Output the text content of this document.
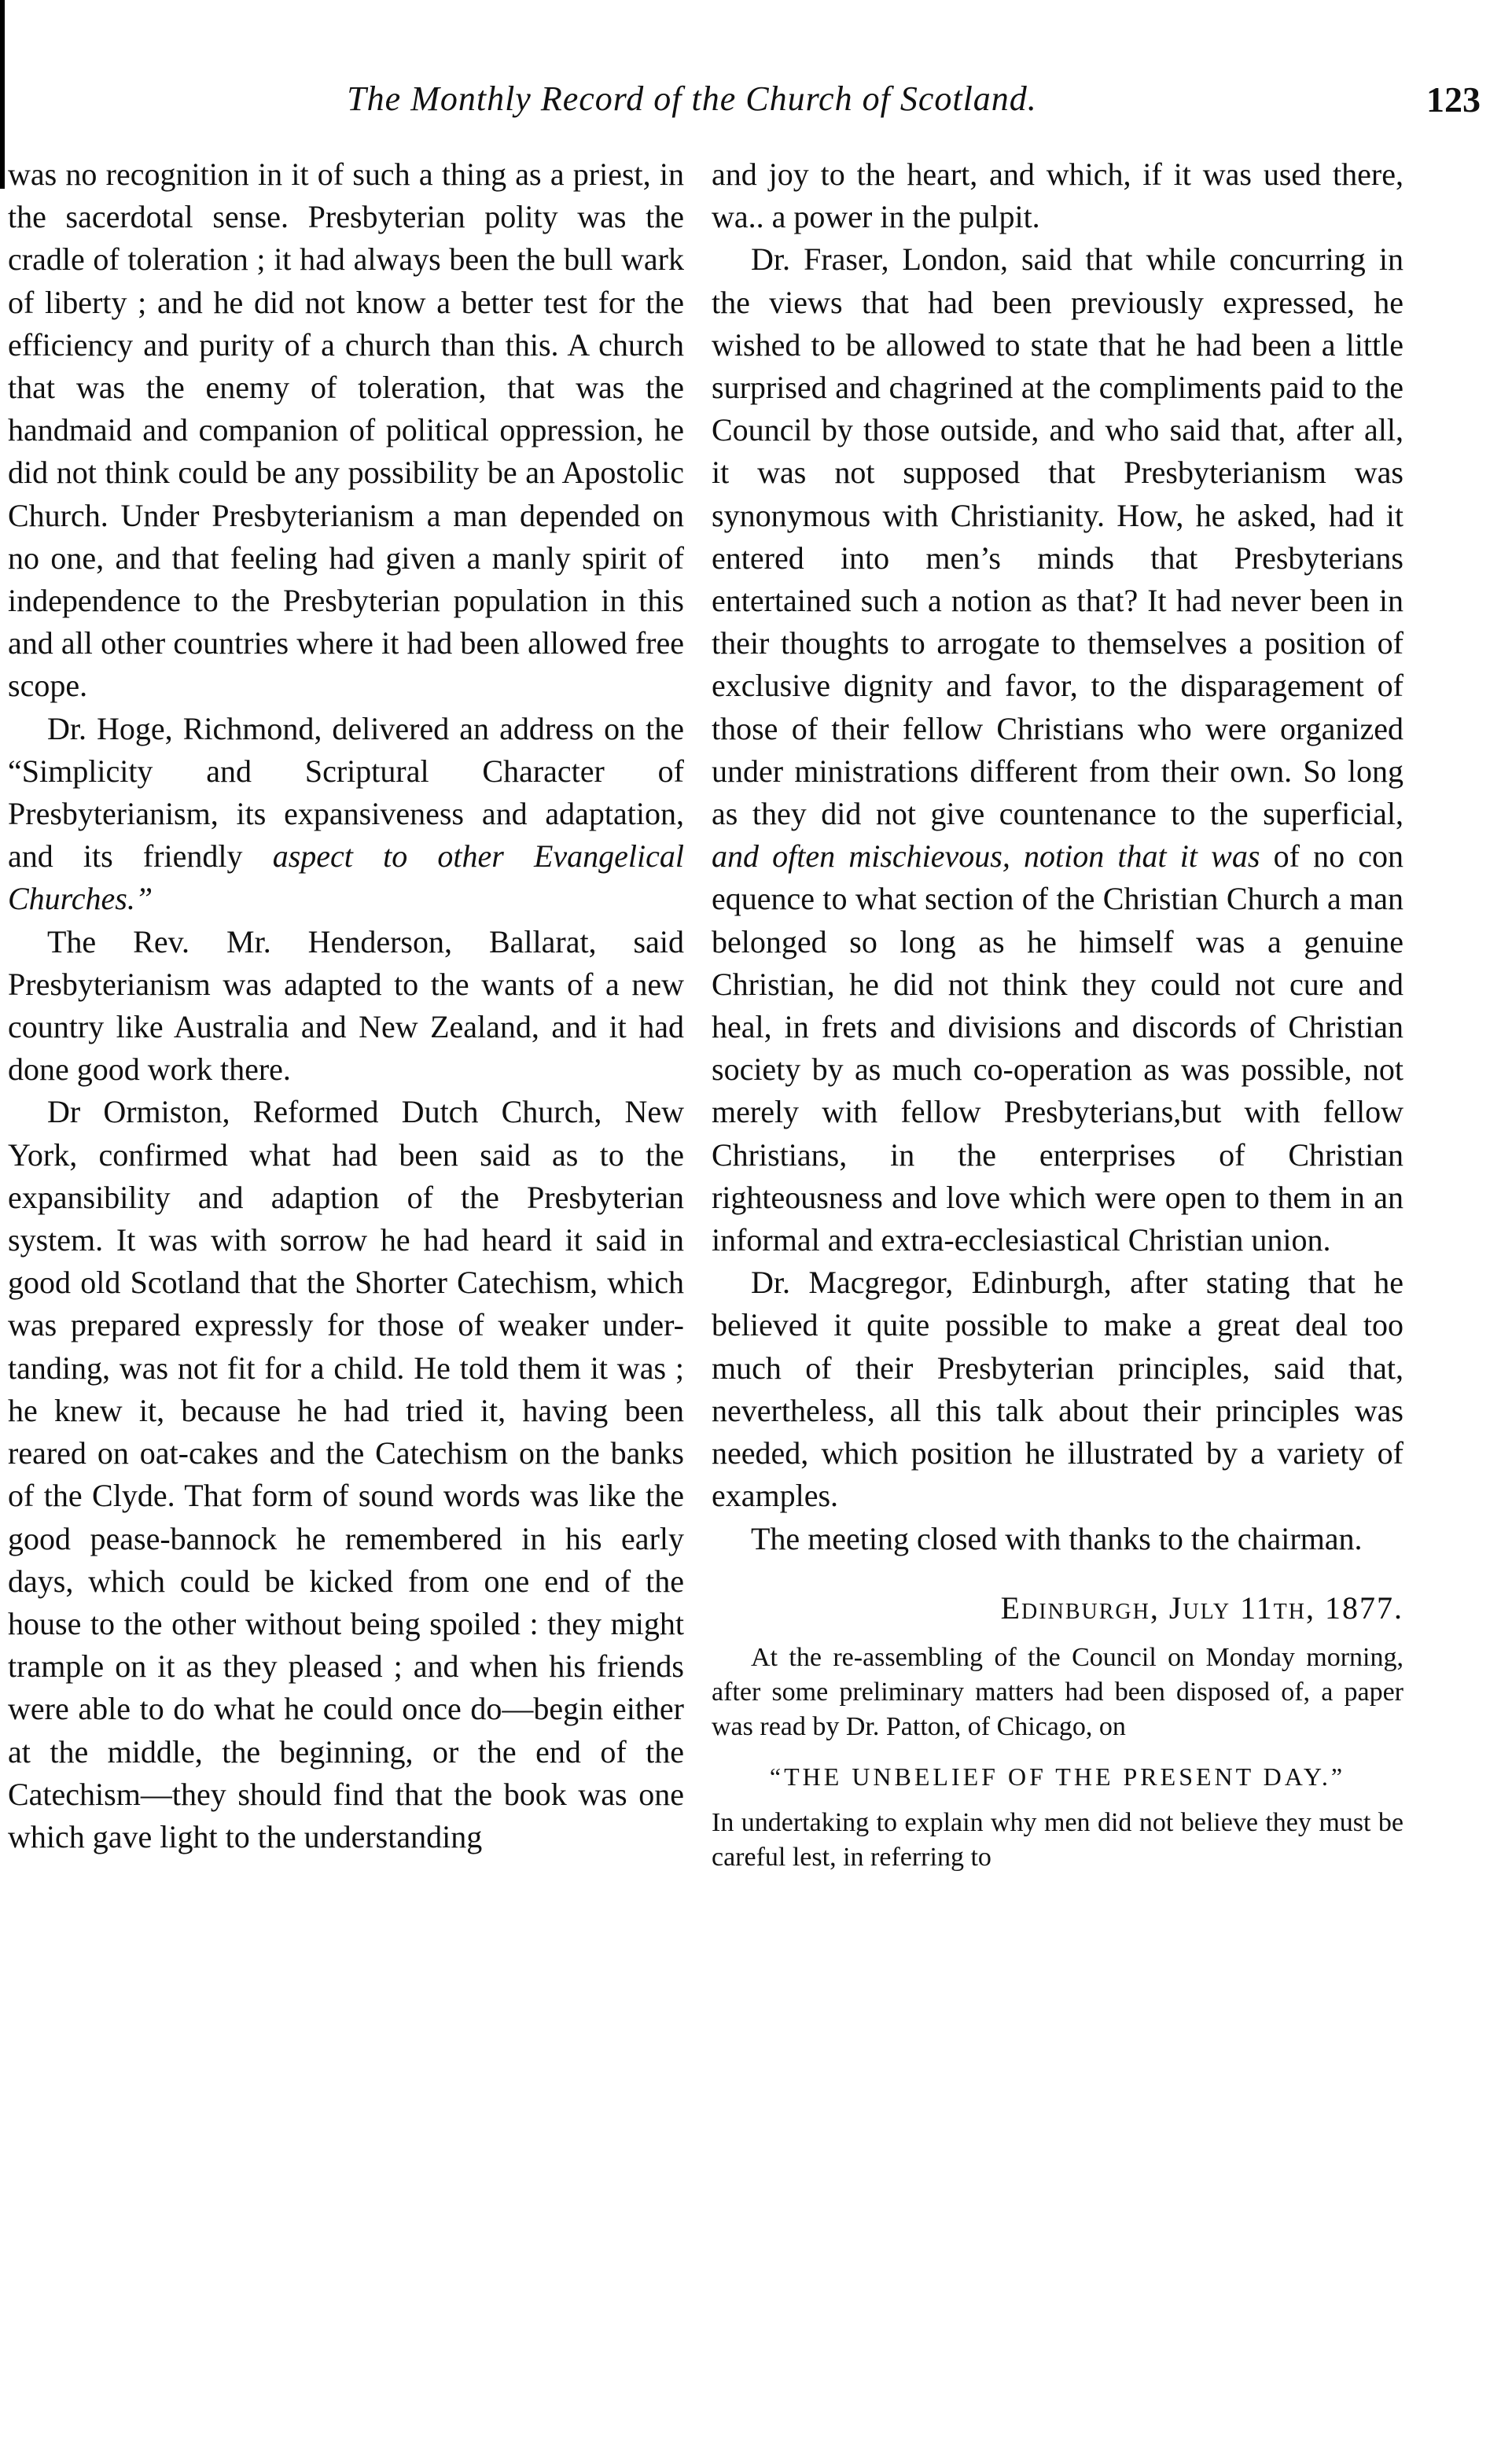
The Monthly Record of the Church of Scotland.	123

was no recognition in it of such a thing as a priest, in the sacerdotal sense. Presbyterian polity was the cradle of toleration ; it had always been the bull wark of liberty ; and he did not know a better test for the efficiency and purity of a church than this. A church that was the enemy of toleration, that was the handmaid and companion of political oppression, he did not think could be any possibility be an Apostolic Church. Under Presbyterianism a man depended on no one, and that feeling had given a manly spirit of independence to the Presbyterian population in this and all other countries where it had been allowed free scope.

Dr. Hoge, Richmond, delivered an address on the “Simplicity and Scriptural Character of Presbyterianism, its expansiveness and adaptation, and its friendly aspect to other Evangelical Churches.”

The Rev. Mr. Henderson, Ballarat, said Presbyterianism was adapted to the wants of a new country like Australia and New Zealand, and it had done good work there.

Dr Ormiston, Reformed Dutch Church, New York, confirmed what had been said as to the expansibility and adaption of the Presbyterian system. It was with sorrow he had heard it said in good old Scotland that the Shorter Catechism, which was prepared expressly for those of weaker under-tanding, was not fit for a child. He told them it was ; he knew it, because he had tried it, having been reared on oat-cakes and the Catechism on the banks of the Clyde. That form of sound words was like the good pease-bannock he remembered in his early days, which could be kicked from one end of the house to the other without being spoiled : they might trample on it as they pleased ; and when his friends were able to do what he could once do—begin either at the middle, the beginning, or the end of the Catechism—they should find that the book was one which gave light to the understanding

and joy to the heart, and which, if it was used there, wa.. a power in the pulpit.

Dr. Fraser, London, said that while concurring in the views that had been previously expressed, he wished to be allowed to state that he had been a little surprised and chagrined at the compliments paid to the Council by those outside, and who said that, after all, it was not supposed that Presbyterianism was synonymous with Christianity. How, he asked, had it entered into men’s minds that Presbyterians entertained such a notion as that? It had never been in their thoughts to arrogate to themselves a position of exclusive dignity and favor, to the disparagement of those of their fellow Christians who were organized under ministrations different from their own. So long as they did not give countenance to the superficial, and often mischievous, notion that it was of no con equence to what section of the Christian Church a man belonged so long as he himself was a genuine Christian, he did not think they could not cure and heal, in frets and divisions and discords of Christian society by as much co-operation as was possible, not merely with fellow Presbyterians,but with fellow Christians, in the enterprises of Christian righteousness and love which were open to them in an informal and extra-ecclesiastical Christian union.

Dr. Macgregor, Edinburgh, after stating that he believed it quite possible to make a great deal too much of their Presbyterian principles, said that, nevertheless, all this talk about their principles was needed, which position he illustrated by a variety of examples.

The meeting closed with thanks to the chairman.

Edinburgh, July 11th, 1877.

At the re-assembling of the Council on Monday morning, after some preliminary matters had been disposed of, a paper was read by Dr. Patton, of Chicago, on

“THE UNBELIEF OF THE PRESENT DAY.”

In undertaking to explain why men did not believe they must be careful lest, in referring to
